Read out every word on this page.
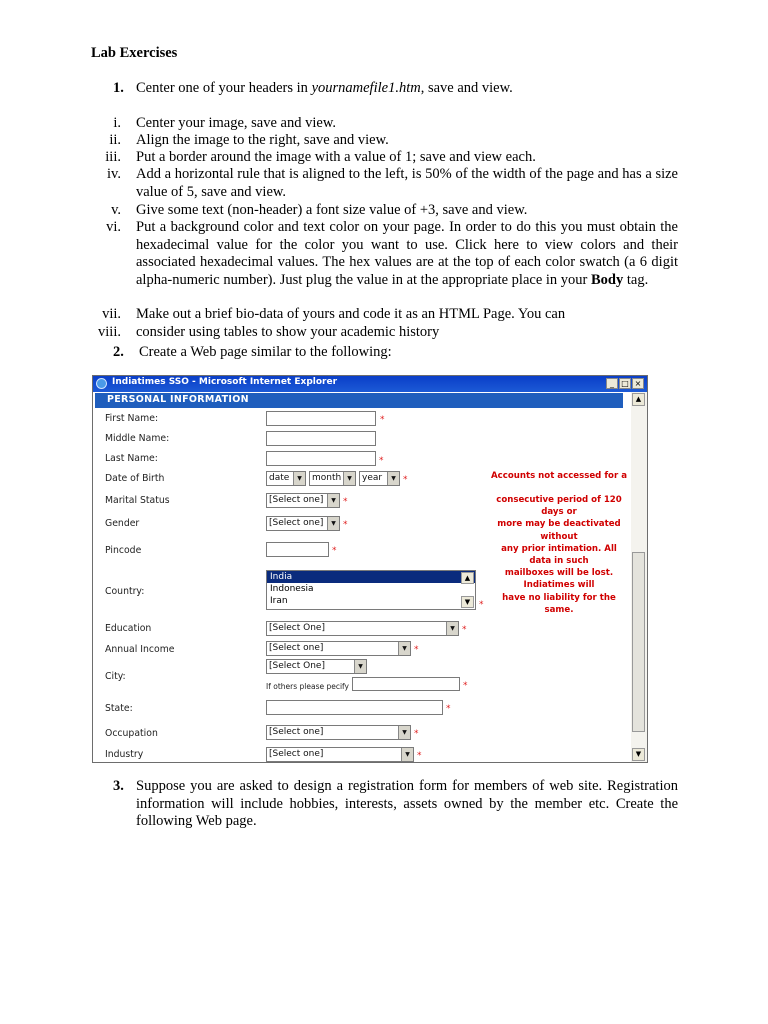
Lab Exercises
1. Center one of your headers in yournamefile1.htm, save and view.
i. Center your image, save and view.
ii. Align the image to the right, save and view.
iii. Put a border around the image with a value of 1; save and view each.
iv. Add a horizontal rule that is aligned to the left, is 50% of the width of the page and has a size value of 5, save and view.
v. Give some text (non-header) a font size value of +3, save and view.
vi. Put a background color and text color on your page. In order to do this you must obtain the hexadecimal value for the color you want to use. Click here to view colors and their associated hexadecimal values. The hex values are at the top of each color swatch (a 6 digit alpha-numeric number). Just plug the value in at the appropriate place in your Body tag.
vii. Make out a brief bio-data of yours and code it as an HTML Page. You can
viii. consider using tables to show your academic history
2. Create a Web page similar to the following:
Indiatimes SSO - Microsoft Internet Explorer	_ □ ×
PERSONAL INFORMATION	▲
▼
First Name:	*
Middle Name:
Last Name:	*
Date of Birth	date	▼	month ▼	year	▼ *
Marital Status	[Select one]	▼ *
Gender	[Select one]	▼ *
Pincode	*
Country:
India
Indonesia
Iran
▲
▼ *
Education	[Select One]	▼ *
Annual Income	[Select one]	▼ *
City:
[Select One]	▼
If others please pecify	*
State:	*
Occupation	[Select one]	▼ *
Industry	[Select one]	▼ *
Accounts not accessed for a
consecutive period of 120
days or
more may be deactivated
without
any prior intimation. All
data in such
mailboxes will be lost.
Indiatimes will
have no liability for the
same.
3. Suppose you are asked to design a registration form for members of web site. Registration information will include hobbies, interests, assets owned by the member etc. Create the following Web page.
